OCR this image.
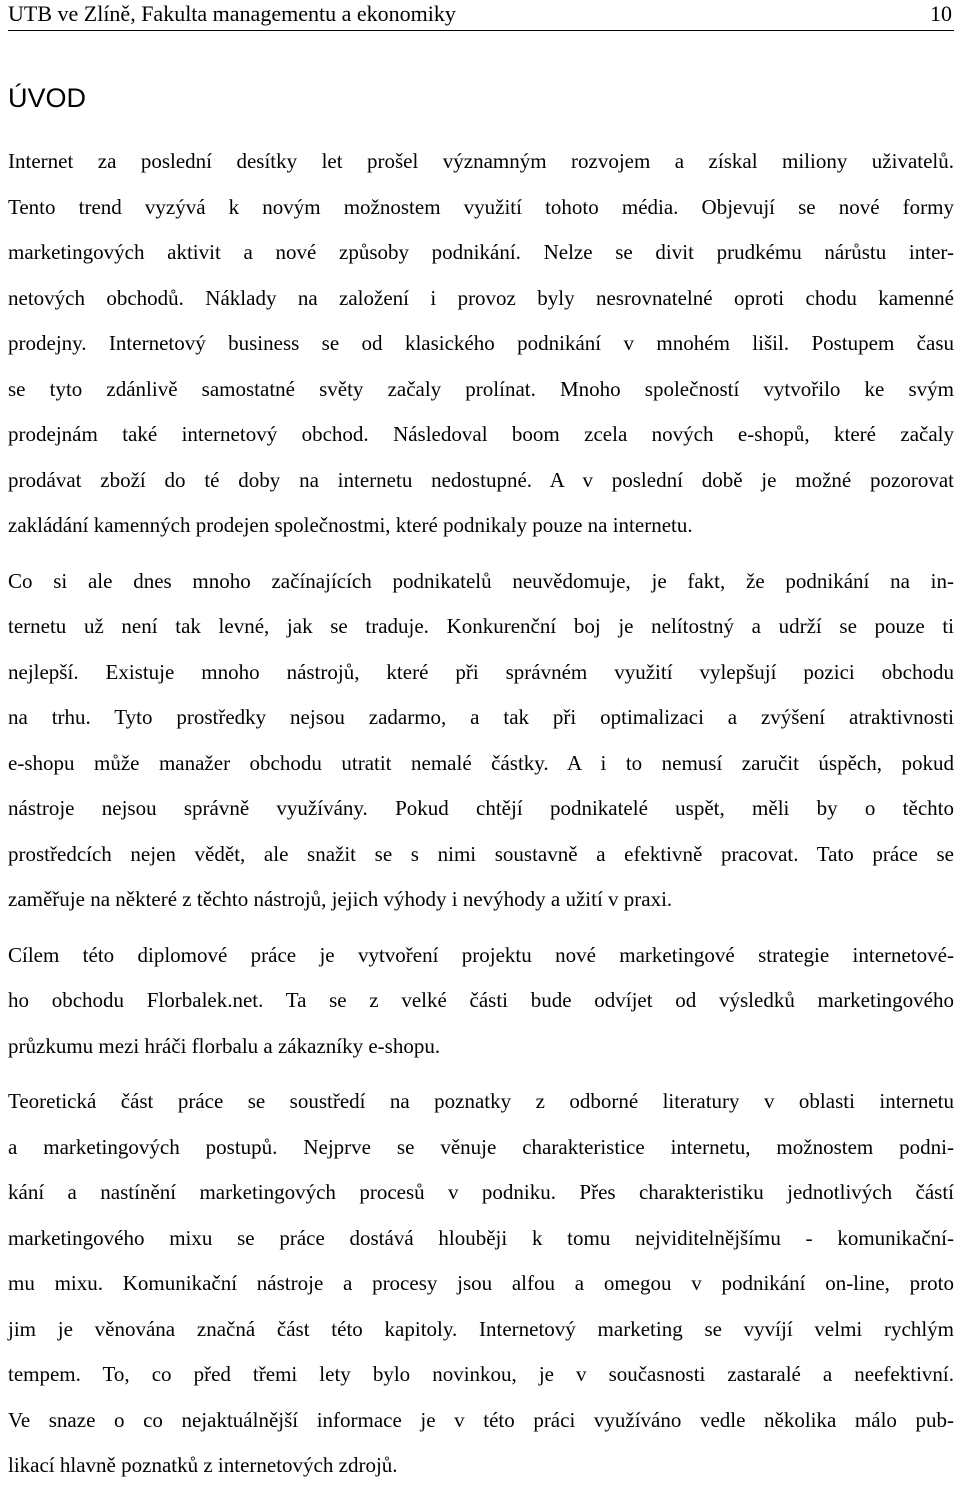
UTB ve Zlíně, Fakulta managementu a ekonomiky	10
ÚVOD

Internet za poslední desítky let prošel významným rozvojem a získal miliony uživatelů.
Tento trend vyzývá k novým možnostem využití tohoto média. Objevují se nové formy
marketingových aktivit a nové způsoby podnikání. Nelze se divit prudkému nárůstu inter-
netových obchodů. Náklady na založení i provoz byly nesrovnatelné oproti chodu kamenné
prodejny. Internetový business se od klasického podnikání v mnohém lišil. Postupem času
se tyto zdánlivě samostatné světy začaly prolínat. Mnoho společností vytvořilo ke svým
prodejnám také internetový obchod. Následoval boom zcela nových e-shopů, které začaly
prodávat zboží do té doby na internetu nedostupné. A v poslední době je možné pozorovat
zakládání kamenných prodejen společnostmi, které podnikaly pouze na internetu.

Co si ale dnes mnoho začínajících podnikatelů neuvědomuje, je fakt, že podnikání na in-
ternetu už není tak levné, jak se traduje. Konkurenční boj je nelítostný a udrží se pouze ti
nejlepší. Existuje mnoho nástrojů, které při správném využití vylepšují pozici obchodu
na trhu. Tyto prostředky nejsou zadarmo, a tak při optimalizaci a zvýšení atraktivnosti
e-shopu může manažer obchodu utratit nemalé částky. A i to nemusí zaručit úspěch, pokud
nástroje nejsou správně využívány. Pokud chtějí podnikatelé uspět, měli by o těchto
prostředcích nejen vědět, ale snažit se s nimi soustavně a efektivně pracovat. Tato práce se
zaměřuje na některé z těchto nástrojů, jejich výhody i nevýhody a užití v praxi.

Cílem této diplomové práce je vytvoření projektu nové marketingové strategie internetové-
ho obchodu Florbalek.net. Ta se z velké části bude odvíjet od výsledků marketingového
průzkumu mezi hráči florbalu a zákazníky e-shopu.

Teoretická část práce se soustředí na poznatky z odborné literatury v oblasti internetu
a marketingových postupů. Nejprve se věnuje charakteristice internetu, možnostem podni-
kání a nastínění marketingových procesů v podniku. Přes charakteristiku jednotlivých částí
marketingového mixu se práce dostává hlouběji k tomu nejviditelnějšímu - komunikační-
mu mixu. Komunikační nástroje a procesy jsou alfou a omegou v podnikání on-line, proto
jim je věnována značná část této kapitoly. Internetový marketing se vyvíjí velmi rychlým
tempem. To, co před třemi lety bylo novinkou, je v současnosti zastaralé a neefektivní.
Ve snaze o co nejaktuálnější informace je v této práci využíváno vedle několika málo pub-
likací hlavně poznatků z internetových zdrojů.
